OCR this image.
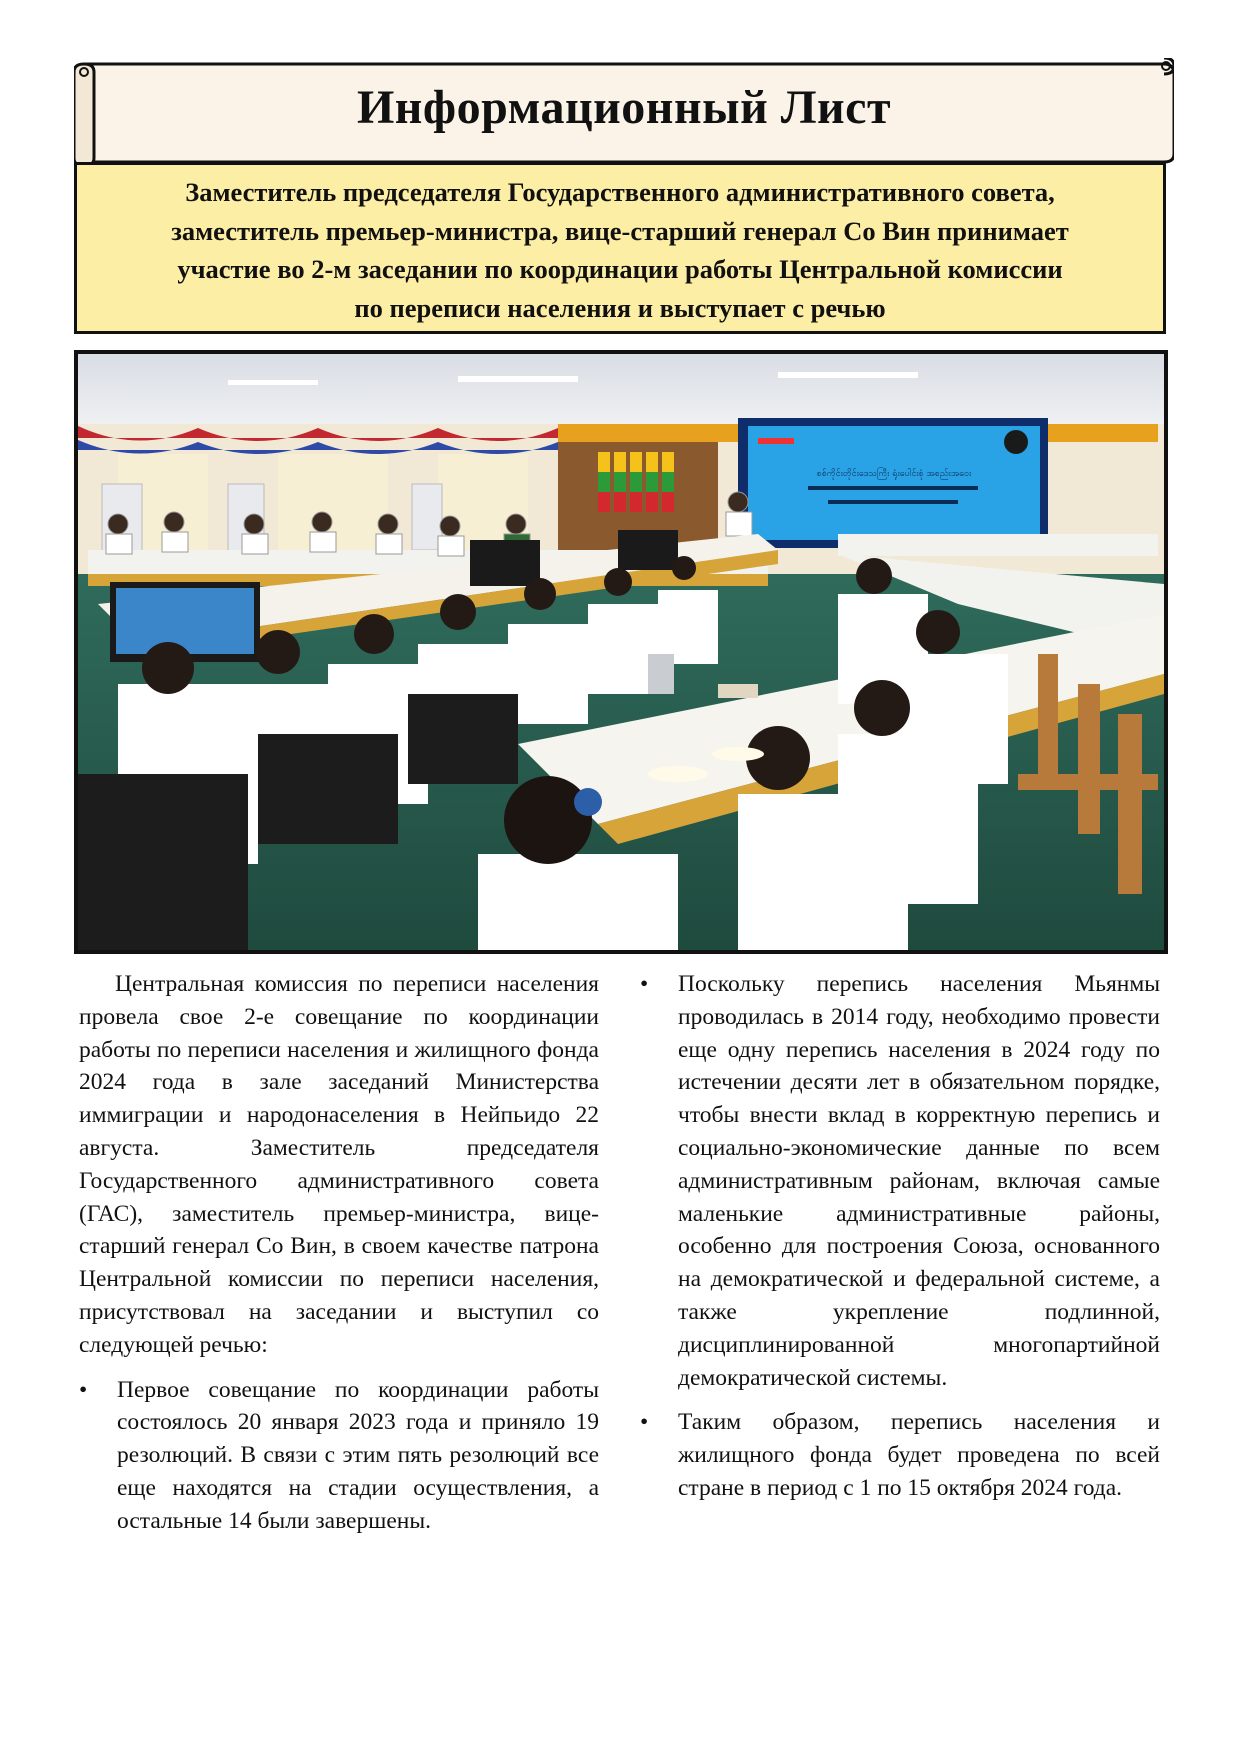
Информационный Лист
Заместитель председателя Государственного административного совета,
заместитель премьер-министра, вице-старший генерал Со Вин принимает
участие во 2-м заседании по координации работы Центральной комиссии
по переписи населения и выступает с речью
စစ်ကိုင်းတိုင်းဒေသကြီး ရုံးပေါင်းစုံ အစည်းအဝေး

Центральная комиссия по переписи населения провела свое 2-е совещание по координации работы по переписи населения и жилищного фонда 2024 года в зале заседаний Министерства иммиграции и народонаселения в Нейпьидо 22 августа. Заместитель председателя Государственного административного совета (ГАС), заместитель премьер-министра, вице-старший генерал Со Вин, в своем качестве патрона Центральной комиссии по переписи населения, присутствовал на заседании и выступил со следующей речью:

• Первое совещание по координации работы состоялось 20 января 2023 года и приняло 19 резолюций. В связи с этим пять резолюций все еще находятся на стадии осуществления, а остальные 14 были завершены.

• Поскольку перепись населения Мьянмы проводилась в 2014 году, необходимо провести еще одну перепись населения в 2024 году по истечении десяти лет в обязательном порядке, чтобы внести вклад в корректную перепись и социально-экономические данные по всем административным районам, включая самые маленькие административные районы, особенно для построения Союза, основанного на демократической и федеральной системе, а также укрепление подлинной, дисциплинированной многопартийной демократической системы.

• Таким образом, перепись населения и жилищного фонда будет проведена по всей стране в период с 1 по 15 октября 2024 года.
